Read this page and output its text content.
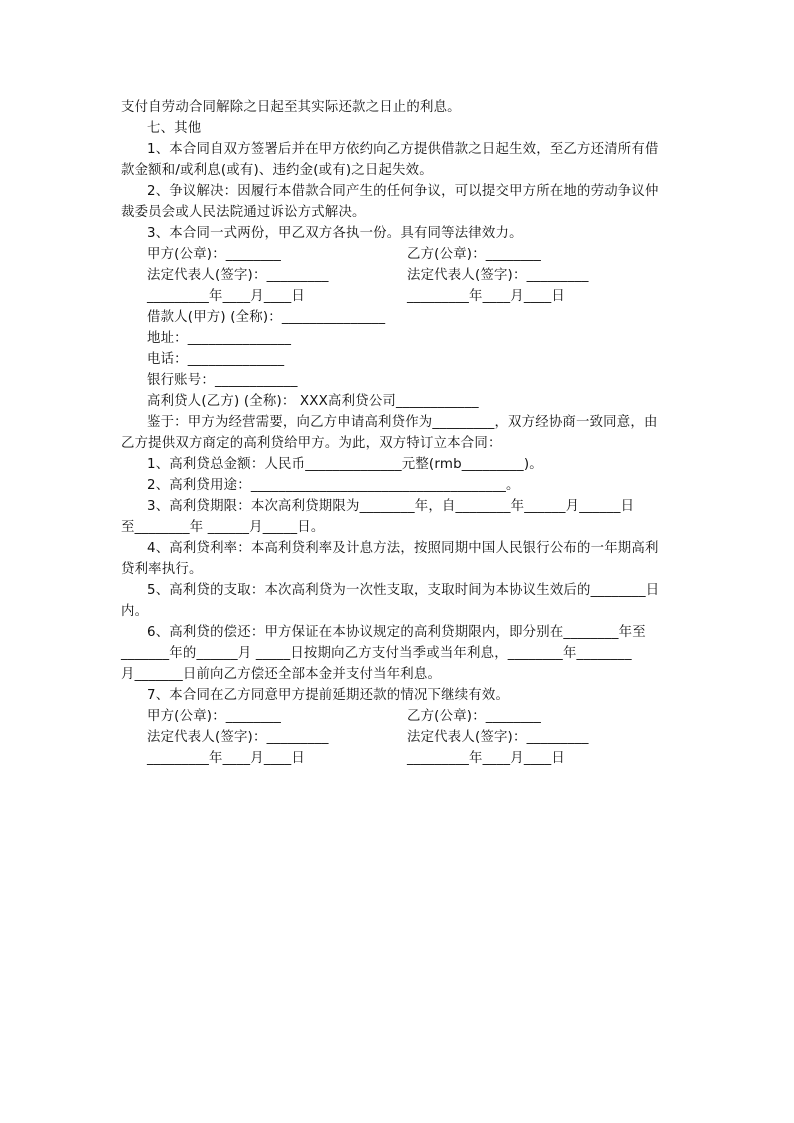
支付自劳动合同解除之日起至其实际还款之日止的利息。
七、其他
1、本合同自双方签署后并在甲方依约向乙方提供借款之日起生效，至乙方还清所有借
款金额和/或利息(或有)、违约金(或有)之日起失效。
2、争议解决：因履行本借款合同产生的任何争议，可以提交甲方所在地的劳动争议仲
裁委员会或人民法院通过诉讼方式解决。
3、本合同一式两份，甲乙双方各执一份。具有同等法律效力。
甲方(公章)：________	乙方(公章)：________
法定代表人(签字)：_________	法定代表人(签字)：_________
_________年____月____日	_________年____月____日
借款人(甲方) (全称)：_______________
地址：_______________
电话：______________
银行账号：____________
高利贷人(乙方) (全称)： XXX高利贷公司____________
鉴于：甲方为经营需要，向乙方申请高利贷作为_________，双方经协商一致同意，由
乙方提供双方商定的高利贷给甲方。为此，双方特订立本合同：
1、高利贷总金额：人民币______________元整(rmb_________)。
2、高利贷用途：_____________________________________。
3、高利贷期限：本次高利贷期限为________年，自________年______月______日
至________年 ______月_____日。
4、高利贷利率：本高利贷利率及计息方法，按照同期中国人民银行公布的一年期高利
贷利率执行。
5、高利贷的支取：本次高利贷为一次性支取，支取时间为本协议生效后的________日
内。
6、高利贷的偿还：甲方保证在本协议规定的高利贷期限内，即分别在________年至
_______年的______月 _____日按期向乙方支付当季或当年利息，________年________
月_______日前向乙方偿还全部本金并支付当年利息。
7、本合同在乙方同意甲方提前延期还款的情况下继续有效。
甲方(公章)：________	乙方(公章)：________
法定代表人(签字)：_________	法定代表人(签字)：_________
_________年____月____日	_________年____月____日
